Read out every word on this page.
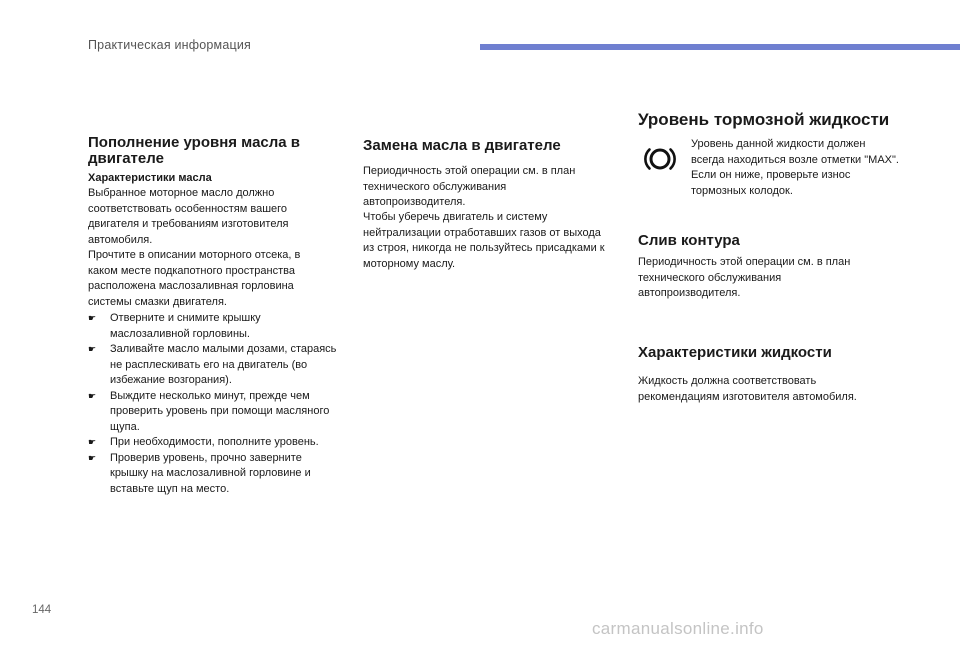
Практическая информация
Пополнение уровня масла в двигателе

Характеристики масла

Выбранное моторное масло должно соответствовать особенностям вашего двигателя и требованиям изготовителя автомобиля.

Прочтите в описании моторного отсека, в каком месте подкапотного пространства расположена маслозаливная горловина системы смазки двигателя.

☛ Отверните и снимите крышку маслозаливной горловины.
☛ Заливайте масло малыми дозами, стараясь не расплескивать его на двигатель (во избежание возгорания).
☛ Выждите несколько минут, прежде чем проверить уровень при помощи масляного щупа.
☛ При необходимости, пополните уровень.
☛ Проверив уровень, прочно заверните крышку на маслозаливной горловине и вставьте щуп на место.
Замена масла в двигателе

Периодичность этой операции см. в план технического обслуживания автопроизводителя.

Чтобы уберечь двигатель и систему нейтрализации отработавших газов от выхода из строя, никогда не пользуйтесь присадками к моторному маслу.

Уровень тормозной жидкости

Уровень данной жидкости должен всегда находиться возле отметки "MAX". Если он ниже, проверьте износ тормозных колодок.

Слив контура

Периодичность этой операции см. в план технического обслуживания автопроизводителя.

Характеристики жидкости

Жидкость должна соответствовать рекомендациям изготовителя автомобиля.

144
carmanualsonline.info
